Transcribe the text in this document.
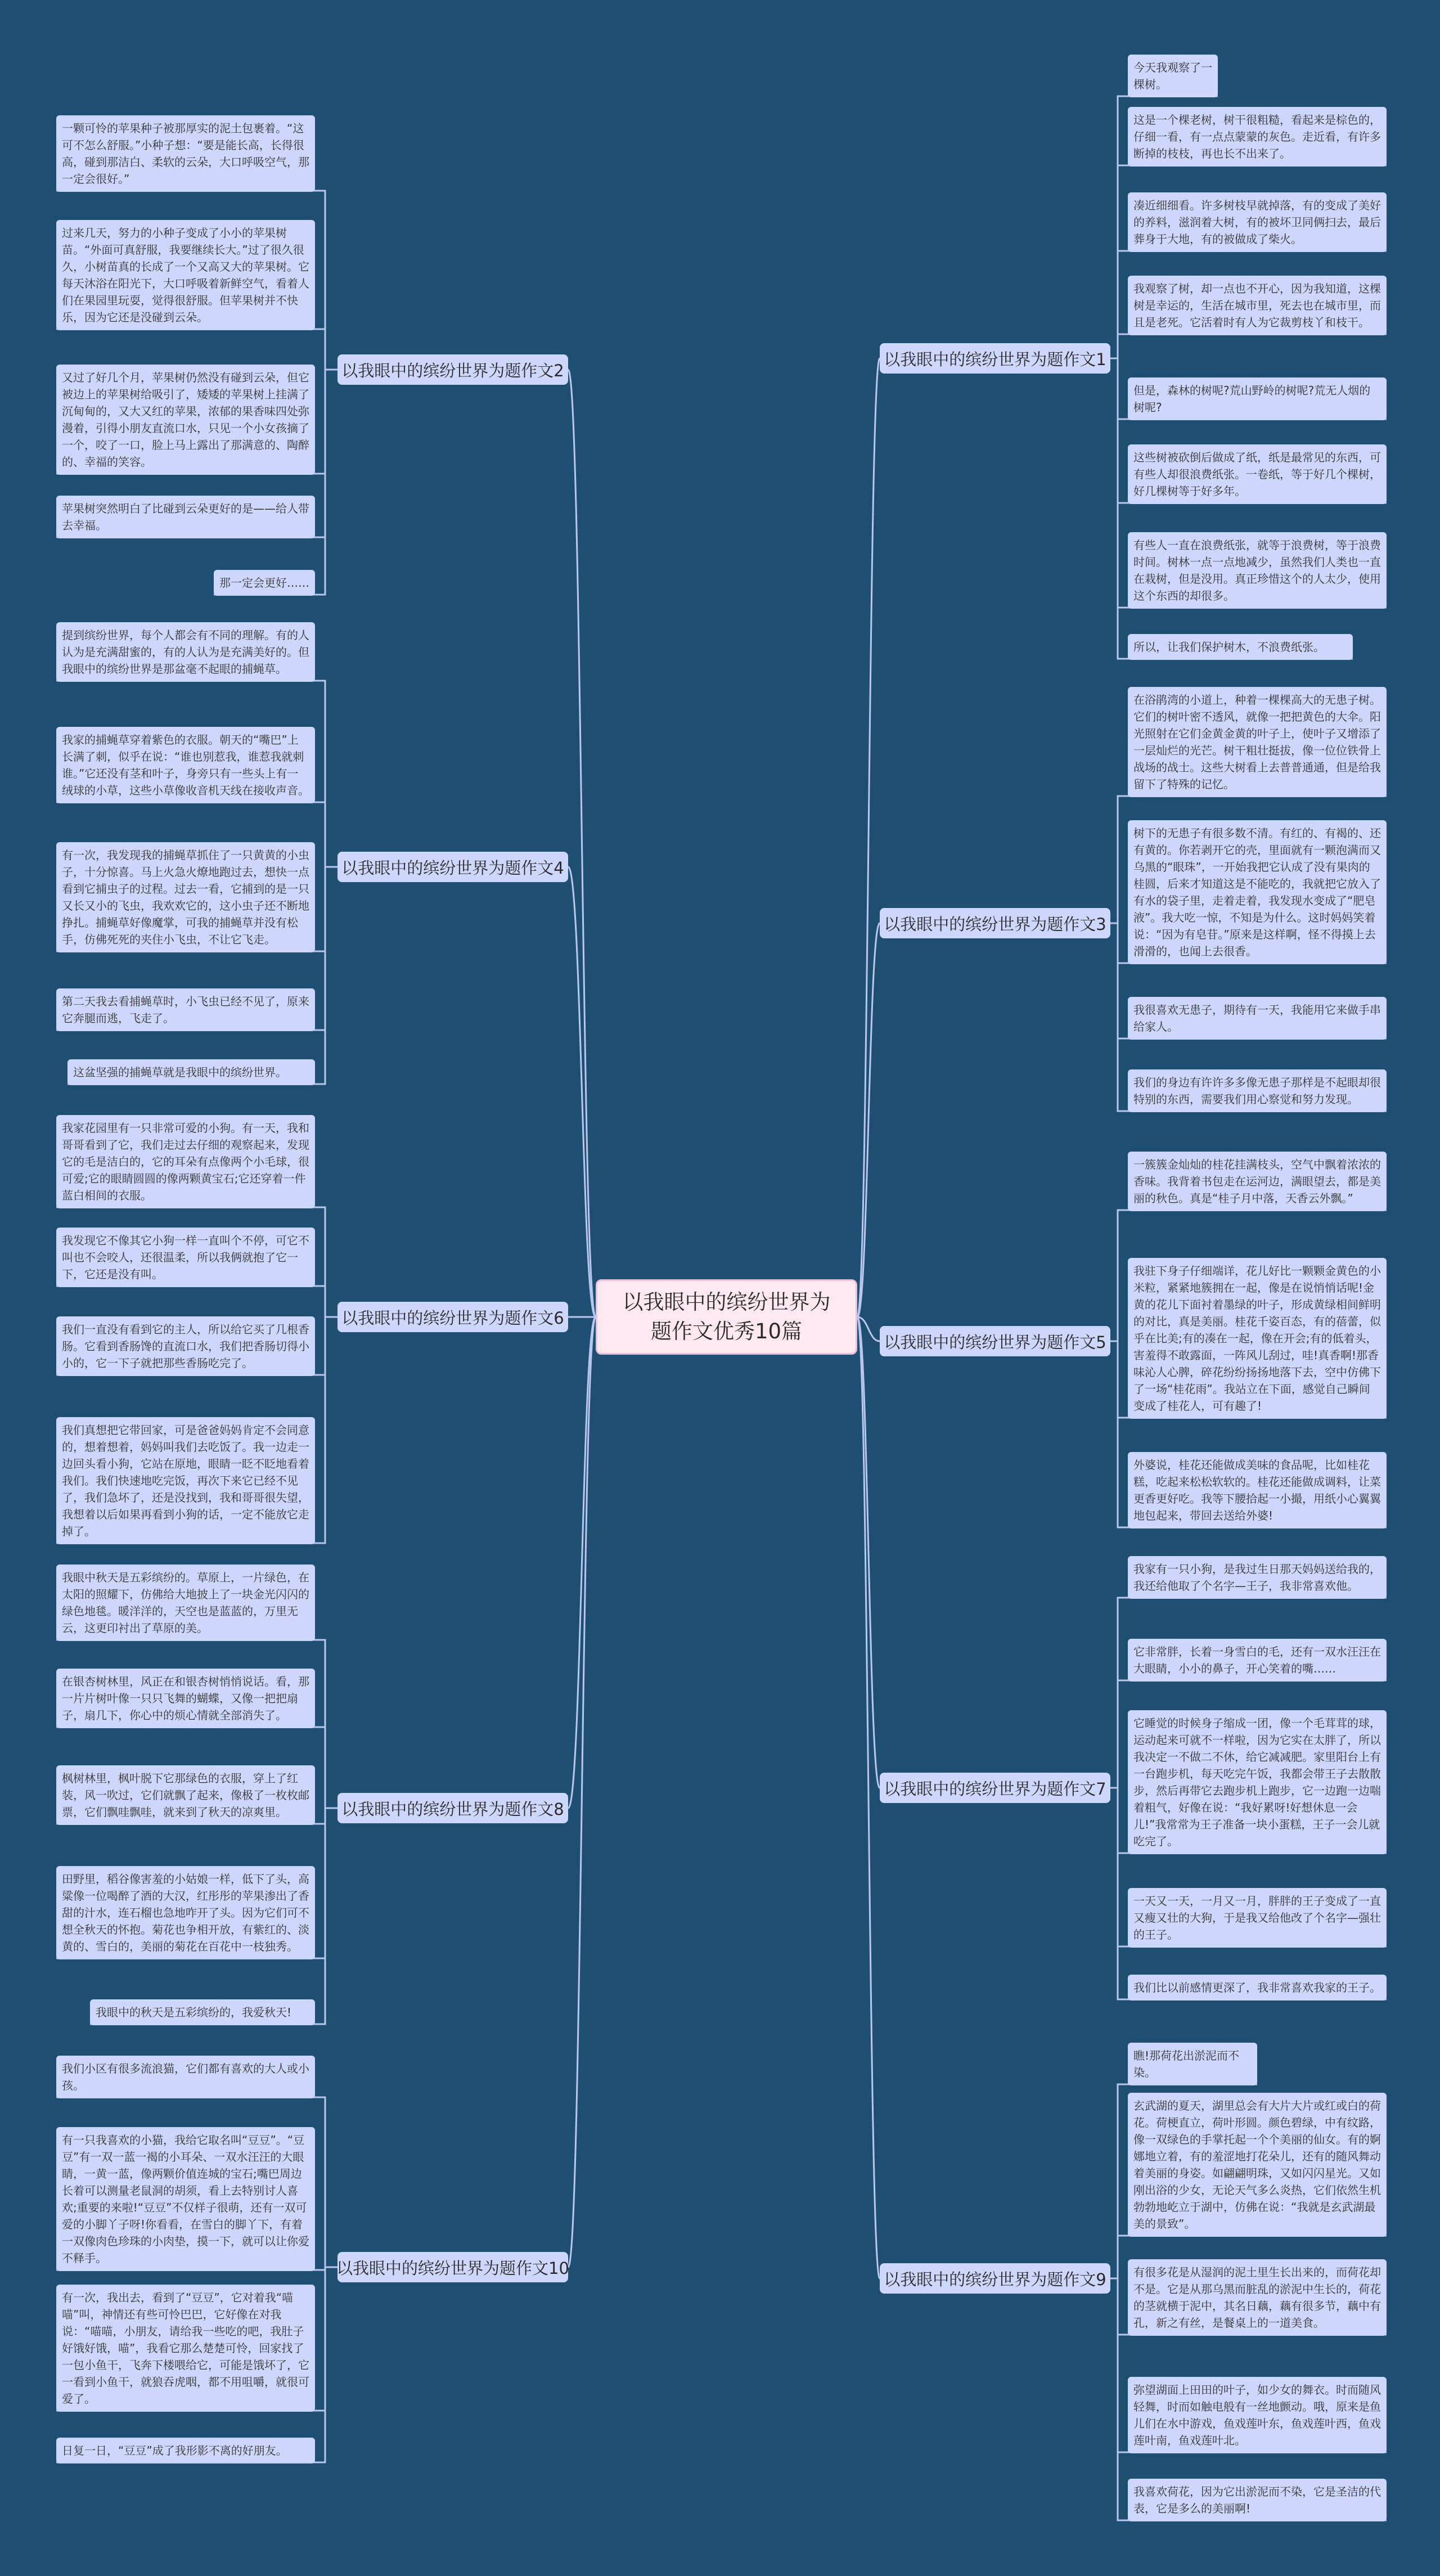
以我眼中的缤纷世界为题作文优秀10篇
以我眼中的缤纷世界为题作文1
今天我观察了一棵树。
这是一个棵老树，树干很粗糙，看起来是棕色的，仔细一看，有一点点蒙蒙的灰色。走近看，有许多断掉的枝枝，再也长不出来了。
凑近细细看。许多树枝早就掉落，有的变成了美好的养料，滋润着大树，有的被坏卫同俩扫去，最后葬身于大地，有的被做成了柴火。
我观察了树，却一点也不开心，因为我知道，这棵树是幸运的，生活在城市里，死去也在城市里，而且是老死。它活着时有人为它裁剪枝丫和枝干。
但是，森林的树呢?荒山野岭的树呢?荒无人烟的树呢?
这些树被砍倒后做成了纸，纸是最常见的东西，可有些人却很浪费纸张。一卷纸，等于好几个棵树，好几棵树等于好多年。
有些人一直在浪费纸张，就等于浪费树，等于浪费时间。树林一点一点地减少，虽然我们人类也一直在栽树，但是没用。真正珍惜这个的人太少，使用这个东西的却很多。
所以，让我们保护树木，不浪费纸张。
以我眼中的缤纷世界为题作文2
一颗可怜的苹果种子被那厚实的泥土包裹着。“这可不怎么舒服。”小种子想：“要是能长高，长得很高，碰到那洁白、柔软的云朵，大口呼吸空气，那一定会很好。”
过来几天，努力的小种子变成了小小的苹果树苗。“外面可真舒服，我要继续长大。”过了很久很久，小树苗真的长成了一个又高又大的苹果树。它每天沐浴在阳光下，大口呼吸着新鲜空气，看着人们在果园里玩耍，觉得很舒服。但苹果树并不快乐，因为它还是没碰到云朵。
又过了好几个月，苹果树仍然没有碰到云朵，但它被边上的苹果树给吸引了，矮矮的苹果树上挂满了沉甸甸的，又大又红的苹果，浓郁的果香味四处弥漫着，引得小朋友直流口水，只见一个小女孩摘了一个，咬了一口，脸上马上露出了那满意的、陶醉的、幸福的笑容。
苹果树突然明白了比碰到云朵更好的是——给人带去幸福。
那一定会更好……
以我眼中的缤纷世界为题作文3
在浴鹃湾的小道上，种着一棵棵高大的无患子树。它们的树叶密不透风，就像一把把黄色的大伞。阳光照射在它们金黄金黄的叶子上，使叶子又增添了一层灿烂的光芒。树干粗壮挺拔，像一位位铁骨上战场的战士。这些大树看上去普普通通，但是给我留下了特殊的记忆。
树下的无患子有很多数不清。有红的、有褐的、还有黄的。你若剥开它的壳，里面就有一颗泡满而又乌黑的“眼珠”，一开始我把它认成了没有果肉的桂圆，后来才知道这是不能吃的，我就把它放入了有水的袋子里，走着走着，我发现水变成了“肥皂液”。我大吃一惊，不知是为什么。这时妈妈笑着说：“因为有皂苷。”原来是这样啊，怪不得摸上去滑滑的，也闻上去很香。
我很喜欢无患子，期待有一天，我能用它来做手串给家人。
我们的身边有许许多多像无患子那样是不起眼却很特别的东西，需要我们用心察觉和努力发现。
以我眼中的缤纷世界为题作文4
提到缤纷世界，每个人都会有不同的理解。有的人认为是充满甜蜜的，有的人认为是充满美好的。但我眼中的缤纷世界是那盆毫不起眼的捕蝇草。
我家的捕蝇草穿着紫色的衣服。朝天的“嘴巴”上长满了刺，似乎在说：“谁也别惹我，谁惹我就刺谁。”它还没有茎和叶子，身旁只有一些头上有一绒球的小草，这些小草像收音机天线在接收声音。
有一次，我发现我的捕蝇草抓住了一只黄黄的小虫子，十分惊喜。马上火急火燎地跑过去，想快一点看到它捕虫子的过程。过去一看，它捕到的是一只又长又小的飞虫，我欢欢它的，这小虫子还不断地挣扎。捕蝇草好像魔掌，可我的捕蝇草并没有松手，仿佛死死的夹住小飞虫，不让它飞走。
第二天我去看捕蝇草时，小飞虫已经不见了，原来它奔腿而逃，飞走了。
这盆坚强的捕蝇草就是我眼中的缤纷世界。
以我眼中的缤纷世界为题作文5
一簇簇金灿灿的桂花挂满枝头，空气中飘着浓浓的香味。我背着书包走在运河边，满眼望去，都是美丽的秋色。真是“桂子月中落，天香云外飘。”
我驻下身子仔细端详，花儿好比一颗颗金黄色的小米粒，紧紧地簇拥在一起，像是在说悄悄话呢!金黄的花儿下面衬着墨绿的叶子，形成黄绿相间鲜明的对比，真是美丽。桂花千姿百态，有的蓓蕾，似乎在比美;有的凑在一起，像在开会;有的低着头，害羞得不敢露面，一阵风儿刮过，哇!真香啊!那香味沁人心脾，碎花纷纷扬扬地落下去，空中仿佛下了一场“桂花雨”。我站立在下面，感觉自己瞬间变成了桂花人，可有趣了!
外婆说，桂花还能做成美味的食品呢，比如桂花糕，吃起来松松软软的。桂花还能做成调料，让菜更香更好吃。我等下腰拾起一小撮，用纸小心翼翼地包起来，带回去送给外婆!
以我眼中的缤纷世界为题作文6
我家花园里有一只非常可爱的小狗。有一天，我和哥哥看到了它，我们走过去仔细的观察起来，发现它的毛是洁白的，它的耳朵有点像两个小毛球，很可爱;它的眼睛圆圆的像两颗黄宝石;它还穿着一件蓝白相间的衣服。
我发现它不像其它小狗一样一直叫个不停，可它不叫也不会咬人，还很温柔，所以我俩就抱了它一下，它还是没有叫。
我们一直没有看到它的主人，所以给它买了几根香肠。它看到香肠馋的直流口水，我们把香肠切得小小的，它一下子就把那些香肠吃完了。
我们真想把它带回家，可是爸爸妈妈肯定不会同意的，想着想着，妈妈叫我们去吃饭了。我一边走一边回头看小狗，它站在原地，眼睛一眨不眨地看着我们。我们快速地吃完饭，再次下来它已经不见了，我们急坏了，还是没找到，我和哥哥很失望，我想着以后如果再看到小狗的话，一定不能放它走掉了。
以我眼中的缤纷世界为题作文7
我家有一只小狗，是我过生日那天妈妈送给我的，我还给他取了个名字—王子，我非常喜欢他。
它非常胖，长着一身雪白的毛，还有一双水汪汪在大眼睛，小小的鼻子，开心笑着的嘴……
它睡觉的时候身子缩成一团，像一个毛茸茸的球，运动起来可就不一样啦，因为它实在太胖了，所以我决定一不做二不休，给它减减肥。家里阳台上有一台跑步机，每天吃完午饭，我都会带王子去散散步，然后再带它去跑步机上跑步，它一边跑一边喘着粗气，好像在说：“我好累呀!好想休息一会儿!”我常常为王子准备一块小蛋糕，王子一会儿就吃完了。
一天又一天，一月又一月，胖胖的王子变成了一直又瘦又壮的大狗，于是我又给他改了个名字—强壮的王子。
我们比以前感情更深了，我非常喜欢我家的王子。
以我眼中的缤纷世界为题作文8
我眼中秋天是五彩缤纷的。草原上，一片绿色，在太阳的照耀下，仿佛给大地披上了一块金光闪闪的绿色地毯。暖洋洋的，天空也是蓝蓝的，万里无云，这更印衬出了草原的美。
在银杏树林里，风正在和银杏树悄悄说话。看，那一片片树叶像一只只飞舞的蝴蝶，又像一把把扇子，扇几下，你心中的烦心情就全部消失了。
枫树林里，枫叶脱下它那绿色的衣服，穿上了红装，风一吹过，它们就飘了起来，像极了一枚枚邮票，它们飘哇飘哇，就来到了秋天的凉爽里。
田野里，稻谷像害羞的小姑娘一样，低下了头，高粱像一位喝醉了酒的大汉，红彤彤的苹果渗出了香甜的汁水，连石榴也急地咋开了头。因为它们可不想全秋天的怀抱。菊花也争相开放，有紫红的、淡黄的、雪白的，美丽的菊花在百花中一枝独秀。
我眼中的秋天是五彩缤纷的，我爱秋天!
以我眼中的缤纷世界为题作文9
瞧!那荷花出淤泥而不染。
玄武湖的夏天，湖里总会有大片大片或红或白的荷花。荷梗直立，荷叶形圆。颜色碧绿，中有纹路，像一双绿色的手掌托起一个个美丽的仙女。有的婀娜地立着，有的羞涩地打花朵儿，还有的随风舞动着美丽的身姿。如翩翩明珠，又如闪闪星光。又如刚出浴的少女，无论天气多么炎热，它们依然生机勃勃地屹立于湖中，仿佛在说：“我就是玄武湖最美的景致”。
有很多花是从湿润的泥土里生长出来的，而荷花却不是。它是从那乌黑而脏乱的淤泥中生长的，荷花的茎就横于泥中，其名日藕，藕有很多节，藕中有孔，新之有丝，是餐桌上的一道美食。
弥望湖面上田田的叶子，如少女的舞衣。时而随风轻舞，时而如触电般有一丝地颤动。哦，原来是鱼儿们在水中游戏，鱼戏莲叶东，鱼戏莲叶西，鱼戏莲叶南，鱼戏莲叶北。
我喜欢荷花，因为它出淤泥而不染，它是圣洁的代表，它是多么的美丽啊!
以我眼中的缤纷世界为题作文10
我们小区有很多流浪猫，它们都有喜欢的大人或小孩。
有一只我喜欢的小猫，我给它取名叫“豆豆”。“豆豆”有一双一蓝一褐的小耳朵、一双水汪汪的大眼睛，一黄一蓝，像两颗价值连城的宝石;嘴巴周边长着可以测量老鼠洞的胡须，看上去特别讨人喜欢;重要的来啦!“豆豆”不仅样子很萌，还有一双可爱的小脚丫子呀!你看看，在雪白的脚丫下，有着一双像肉色珍珠的小肉垫，摸一下，就可以让你爱不释手。
有一次，我出去，看到了“豆豆”，它对着我“喵喵”叫，神情还有些可怜巴巴，它好像在对我说：“喵喵，小朋友，请给我一些吃的吧，我肚子好饿好饿，喵”，我看它那么楚楚可怜，回家找了一包小鱼干，飞奔下楼喂给它，可能是饿坏了，它一看到小鱼干，就狼吞虎咽，都不用咀嚼，就很可爱了。
日复一日，“豆豆”成了我形影不离的好朋友。
